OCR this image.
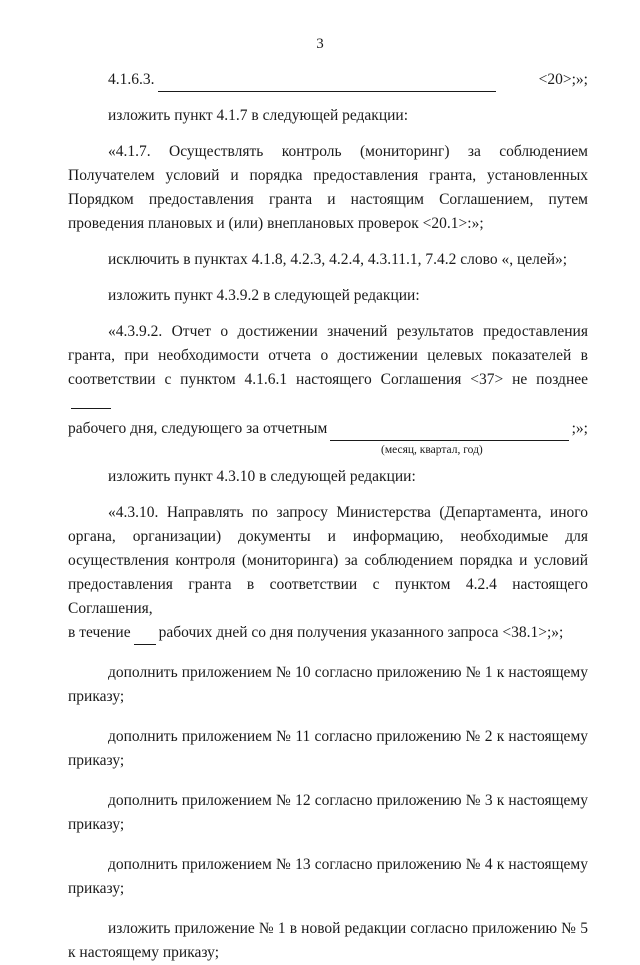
3
4.1.6.3.	<20>;»;

изложить пункт 4.1.7 в следующей редакции:

«4.1.7. Осуществлять контроль (мониторинг) за соблюдением Получателем условий и порядка предоставления гранта, установленных Порядком предоставления гранта и настоящим Соглашением, путем проведения плановых и (или) внеплановых проверок <20.1>:»;

исключить в пунктах 4.1.8, 4.2.3, 4.2.4, 4.3.11.1, 7.4.2 слово «, целей»;

изложить пункт 4.3.9.2 в следующей редакции:

«4.3.9.2. Отчет о достижении значений результатов предоставления гранта, при необходимости отчета о достижении целевых показателей в соответствии с пунктом 4.1.6.1 настоящего Соглашения <37> не позднее

рабочего дня, следующего за отчетным	;»;
(месяц, квартал, год)

изложить пункт 4.3.10 в следующей редакции:

«4.3.10. Направлять по запросу Министерства (Департамента, иного органа, организации) документы и информацию, необходимые для осуществления контроля (мониторинга) за соблюдением порядка и условий предоставления гранта в соответствии с пунктом 4.2.4 настоящего Соглашения,

в течение рабочих дней со дня получения указанного запроса <38.1>;»;

дополнить приложением № 10 согласно приложению № 1 к настоящему приказу;

дополнить приложением № 11 согласно приложению № 2 к настоящему приказу;

дополнить приложением № 12 согласно приложению № 3 к настоящему приказу;

дополнить приложением № 13 согласно приложению № 4 к настоящему приказу;

изложить приложение № 1 в новой редакции согласно приложению № 5 к настоящему приказу;
